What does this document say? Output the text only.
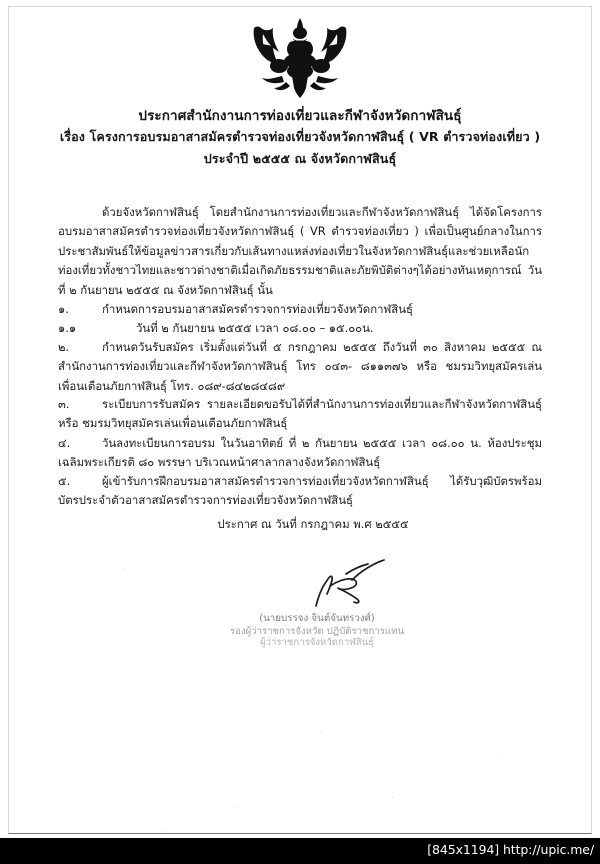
ประกาศสำนักงานการท่องเที่ยวและกีฬาจังหวัดกาฬสินธุ์
เรื่อง โครงการอบรมอาสาสมัครตำรวจท่องเที่ยวจังหวัดกาฬสินธุ์ ( VR ตำรวจท่องเที่ยว )
ประจำปี ๒๕๕๕ ณ จังหวัดกาฬสินธุ์
ด้วยจังหวัดกาฬสินธุ์ โดยสำนักงานการท่องเที่ยวและกีฬาจังหวัดกาฬสินธุ์ ได้จัดโครงการอบรมอาสาสมัครตำรวจท่องเที่ยวจังหวัดกาฬสินธุ์ ( VR ตำรวจท่องเที่ยว ) เพื่อเป็นศูนย์กลางในการประชาสัมพันธ์ให้ข้อมูลข่าวสารเกี่ยวกับเส้นทางแหล่งท่องเที่ยวในจังหวัดกาฬสินธุ์และช่วยเหลือนักท่องเที่ยวทั้งชาวไทยและชาวต่างชาติเมื่อเกิดภัยธรรมชาติและภัยพิบัติต่างๆได้อย่างทันเหตุการณ์ วันที่ ๒ กันยายน ๒๕๕๕ ณ จังหวัดกาฬสินธุ์ นั้น
๑.	กำหนดการอบรมอาสาสมัครตำรวจการท่องเที่ยวจังหวัดกาฬสินธุ์
๑.๑	วันที่ ๒ กันยายน ๒๕๕๕ เวลา ๐๘.๐๐ – ๑๕.๐๐น.
๒.	กำหนดวันรับสมัคร เริ่มตั้งแต่วันที่ ๕ กรกฎาคม ๒๕๕๕ ถึงวันที่ ๓๐ สิงหาคม ๒๕๕๕ ณ สำนักงานการท่องเที่ยวและกีฬาจังหวัดกาฬสินธุ์ โทร ๐๔๓- ๘๑๑๓๗๖ หรือ ชมรมวิทยุสมัครเล่นเพื่อนเตือนภัยกาฬสินธุ์ โทร. ๐๘๙-๘๔๒๘๔๘๙
๓.	ระเบียบการรับสมัคร รายละเอียดขอรับได้ที่สำนักงานการท่องเที่ยวและกีฬาจังหวัดกาฬสินธุ์ หรือ ชมรมวิทยุสมัครเล่นเพื่อนเตือนภัยกาฬสินธุ์
๔.	วันลงทะเบียนการอบรม ในวันอาทิตย์ ที่ ๒ กันยายน ๒๕๕๕ เวลา ๐๘.๐๐ น. ห้องประชุมเฉลิมพระเกียรติ ๘๐ พรรษา บริเวณหน้าศาลากลางจังหวัดกาฬสินธุ์
๕.	ผู้เข้ารับการฝึกอบรมอาสาสมัครตำรวจการท่องเที่ยวจังหวัดกาฬสินธุ์ ได้รับวุฒิบัตรพร้อมบัตรประจำตัวอาสาสมัครตำรวจการท่องเที่ยวจังหวัดกาฬสินธุ์
ประกาศ ณ วันที่ กรกฎาคม พ.ศ ๒๕๕๕
(นายบรรจง จินต์จันทรวงศ์)
รองผู้ว่าราชการจังหวัด ปฏิบัติราชการแทน
ผู้ว่าราชการจังหวัดกาฬสินธุ์
[845x1194] http://upic.me/
